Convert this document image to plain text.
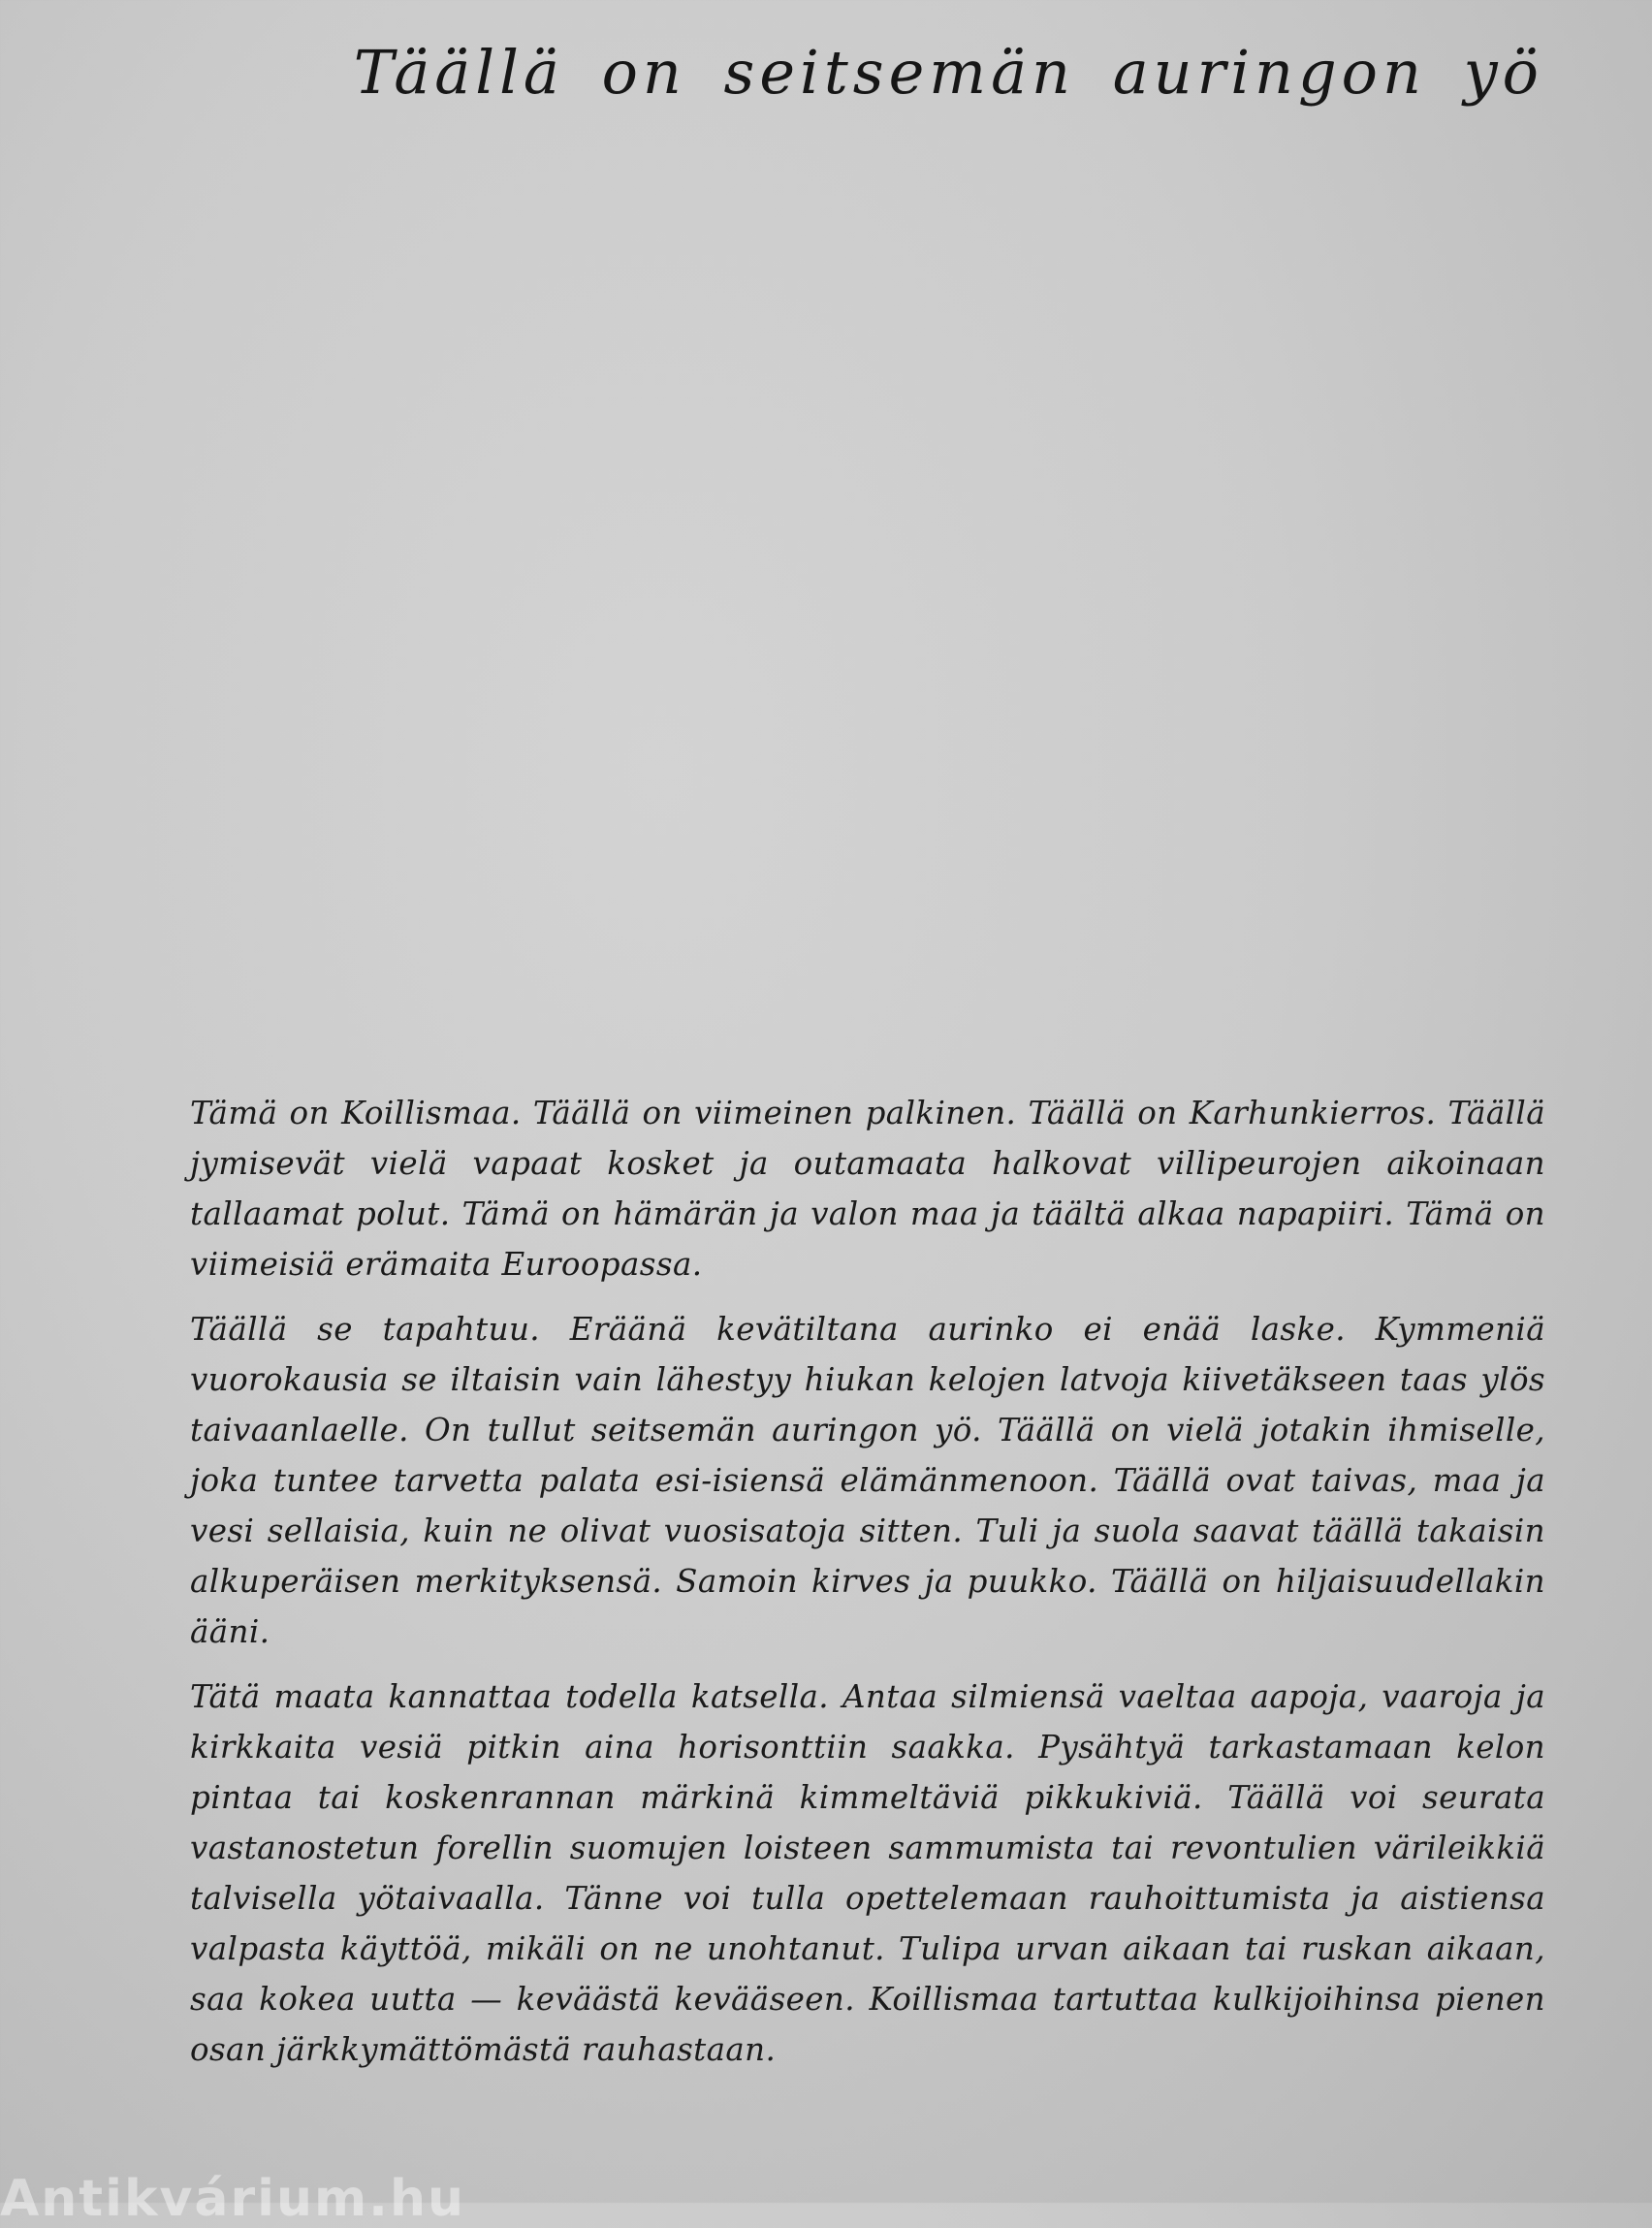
Täällä on seitsemän auringon yö

Tämä on Koillismaa. Täällä on viimeinen palkinen. Täällä on Karhunkierros. Täällä jymisevät vielä vapaat kosket ja outamaata halkovat villipeurojen aikoinaan tallaamat polut. Tämä on hämärän ja valon maa ja täältä alkaa napapiiri. Tämä on viimeisiä erämaita Euroopassa.

Täällä se tapahtuu. Eräänä kevätiltana aurinko ei enää laske. Kymmeniä vuorokausia se iltaisin vain lähestyy hiukan kelojen latvoja kiivetäkseen taas ylös taivaanlaelle. On tullut seitsemän auringon yö. Täällä on vielä jotakin ihmiselle, joka tuntee tarvetta palata esi-isiensä elämänmenoon. Täällä ovat taivas, maa ja vesi sellaisia, kuin ne olivat vuosisatoja sitten. Tuli ja suola saavat täällä takaisin alkuperäisen merkityksensä. Samoin kirves ja puukko. Täällä on hiljaisuudellakin ääni.

Tätä maata kannattaa todella katsella. Antaa silmiensä vaeltaa aapoja, vaaroja ja kirkkaita vesiä pitkin aina horisonttiin saakka. Pysähtyä tarkastamaan kelon pintaa tai koskenrannan märkinä kimmeltäviä pikkukiviä. Täällä voi seurata vastanostetun forellin suomujen loisteen sammumista tai revontulien värileikkiä talvisella yötaivaalla. Tänne voi tulla opettelemaan rauhoittumista ja aistiensa valpasta käyttöä, mikäli on ne unohtanut. Tulipa urvan aikaan tai ruskan aikaan, saa kokea uutta — keväästä kevääseen. Koillismaa tartuttaa kulkijoihinsa pienen osan järkkymättömästä rauhastaan.

Antikvárium.hu
